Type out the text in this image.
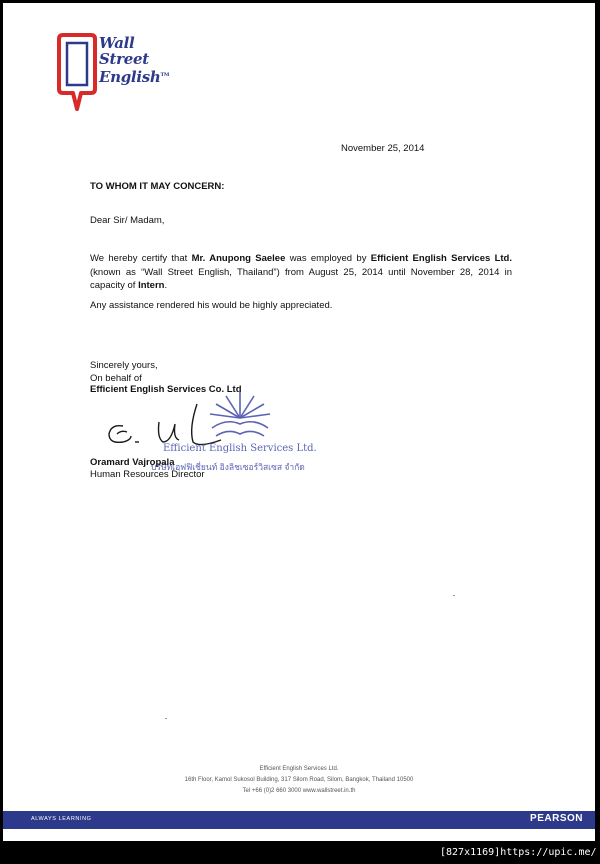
Wall
Street
English™
November 25, 2014
TO WHOM IT MAY CONCERN:
Dear Sir/ Madam,
We hereby certify that Mr. Anupong Saelee was employed by Efficient English Services Ltd. (known as “Wall Street English, Thailand”) from August 25, 2014 until November 28, 2014 in capacity of Intern.
Any assistance rendered his would be highly appreciated.
Sincerely yours,
On behalf of
Efficient English Services Co. Ltd
Efficient English Services Ltd.
บริษัทเอฟฟิเชี่ยนท์ อิงลิชเซอร์วิสเซส จำกัด
Oramard Vajropala
Human Resources Director
Efficient English Services Ltd.
16th Floor, Kamol Sukosol Building, 317 Silom Road, Silom, Bangkok, Thailand 10500
Tel +66 (0)2 660 3000 www.wallstreet.in.th
ALWAYS LEARNING	PEARSON
[827x1169]https://upic.me/
